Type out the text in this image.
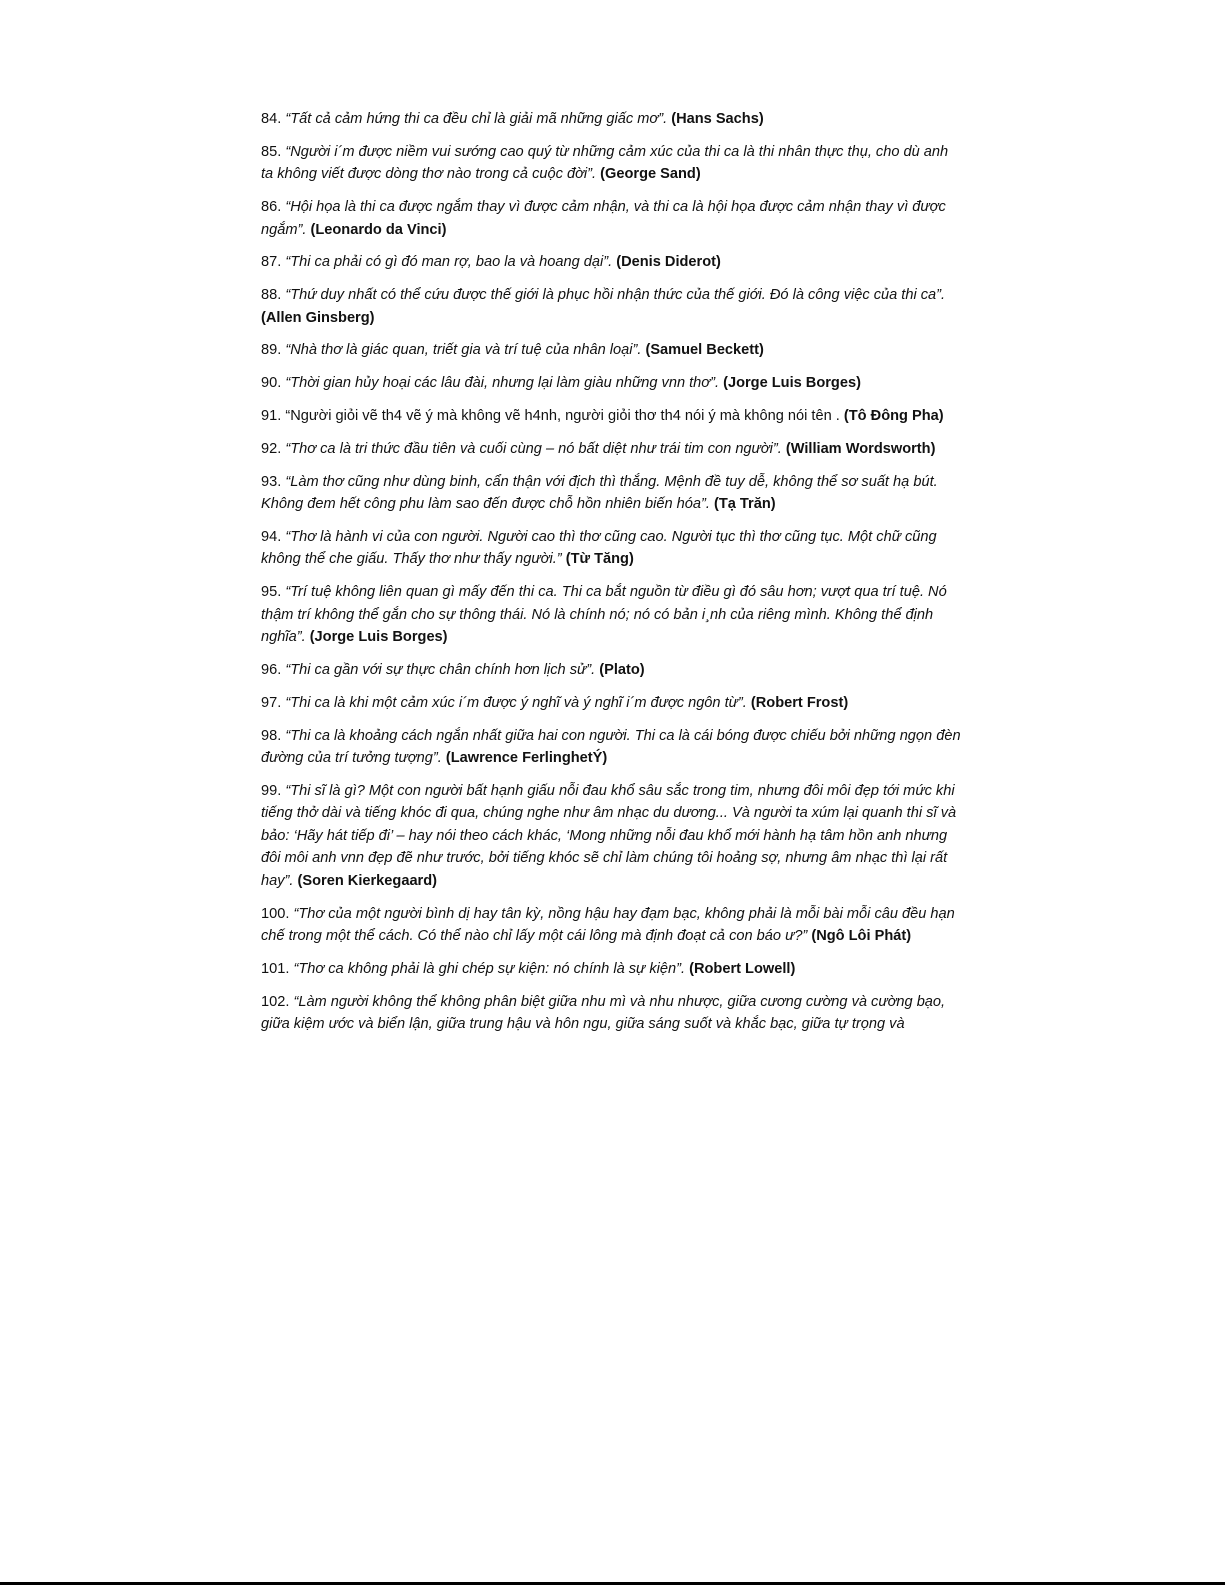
84. “Tất cả cảm hứng thi ca đều chỉ là giải mã những giấc mơ”. (Hans Sachs)

85. “Người i´m được niềm vui sướng cao quý từ những cảm xúc của thi ca là thi nhân thực thụ, cho dù anh ta không viết được dòng thơ nào trong cả cuộc đời”. (George Sand)

86. “Hội họa là thi ca được ngắm thay vì được cảm nhận, và thi ca là hội họa được cảm nhận thay vì được ngắm”. (Leonardo da Vinci)

87. “Thi ca phải có gì đó man rợ, bao la và hoang dại”. (Denis Diderot)

88. “Thứ duy nhất có thể cứu được thế giới là phục hồi nhận thức của thế giới. Đó là công việc của thi ca”. (Allen Ginsberg)

89. “Nhà thơ là giác quan, triết gia và trí tuệ của nhân loại”. (Samuel Beckett)

90. “Thời gian hủy hoại các lâu đài, nhưng lại làm giàu những vnn thơ”. (Jorge Luis Borges)

91. “Người giỏi vẽ th4 vẽ ý mà không vẽ h4nh, người giỏi thơ th4 nói ý mà không nói tên . (Tô Đông Pha)

92. “Thơ ca là tri thức đầu tiên và cuối cùng – nó bất diệt như trái tim con người”. (William Wordsworth)

93. “Làm thơ cũng như dùng binh, cẩn thận với địch thì thắng. Mệnh đề tuy dễ, không thể sơ suất hạ bút. Không đem hết công phu làm sao đến được chỗ hồn nhiên biến hóa”. (Tạ Trăn)

94. “Thơ là hành vi của con người. Người cao thì thơ cũng cao. Người tục thì thơ cũng tục. Một chữ cũng không thể che giấu. Thấy thơ như thấy người.” (Từ Tăng)

95. “Trí tuệ không liên quan gì mấy đến thi ca. Thi ca bắt nguồn từ điều gì đó sâu hơn; vượt qua trí tuệ. Nó thậm trí không thể gắn cho sự thông thái. Nó là chính nó; nó có bản i¸nh của riêng mình. Không thể định nghĩa”. (Jorge Luis Borges)

96. “Thi ca gần với sự thực chân chính hơn lịch sử”. (Plato)

97. “Thi ca là khi một cảm xúc i´m được ý nghĩ và ý nghĩ i´m được ngôn từ”. (Robert Frost)

98. “Thi ca là khoảng cách ngắn nhất giữa hai con người. Thi ca là cái bóng được chiếu bởi những ngọn đèn đường của trí tưởng tượng”. (Lawrence FerlinghetÝ)

99. “Thi sĩ là gì? Một con người bất hạnh giấu nỗi đau khổ sâu sắc trong tim, nhưng đôi môi đẹp tới mức khi tiếng thở dài và tiếng khóc đi qua, chúng nghe như âm nhạc du dương... Và người ta xúm lại quanh thi sĩ và bảo: ‘Hãy hát tiếp đi’ – hay nói theo cách khác, ‘Mong những nỗi đau khổ mới hành hạ tâm hồn anh nhưng đôi môi anh vnn đẹp đẽ như trước, bởi tiếng khóc sẽ chỉ làm chúng tôi hoảng sợ, nhưng âm nhạc thì lại rất hay”. (Soren Kierkegaard)

100. “Thơ của một người bình dị hay tân kỳ, nồng hậu hay đạm bạc, không phải là mỗi bài mỗi câu đều hạn chế trong một thể cách. Có thể nào chỉ lấy một cái lông mà định đoạt cả con báo ư?” (Ngô Lôi Phát)

101. “Thơ ca không phải là ghi chép sự kiện: nó chính là sự kiện”. (Robert Lowell)

102. “Làm người không thể không phân biệt giữa nhu mì và nhu nhược, giữa cương cường và cường bạo, giữa kiệm ước và biển lận, giữa trung hậu và hôn ngu, giữa sáng suốt và khắc bạc, giữa tự trọng và
